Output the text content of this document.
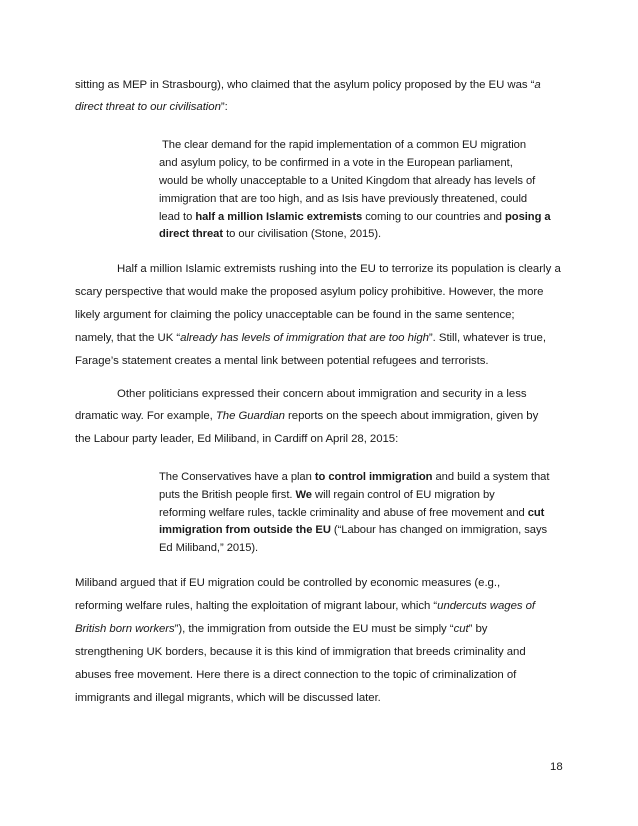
sitting as MEP in Strasbourg), who claimed that the asylum policy proposed by the EU was “a
direct threat to our civilisation”:
The clear demand for the rapid implementation of a common EU migration
and asylum policy, to be confirmed in a vote in the European parliament,
would be wholly unacceptable to a United Kingdom that already has levels of
immigration that are too high, and as Isis have previously threatened, could
lead to half a million Islamic extremists coming to our countries and posing a
direct threat to our civilisation (Stone, 2015).
Half a million Islamic extremists rushing into the EU to terrorize its population is clearly a
scary perspective that would make the proposed asylum policy prohibitive. However, the more
likely argument for claiming the policy unacceptable can be found in the same sentence;
namely, that the UK “already has levels of immigration that are too high”. Still, whatever is true,
Farage’s statement creates a mental link between potential refugees and terrorists.
Other politicians expressed their concern about immigration and security in a less
dramatic way. For example, The Guardian reports on the speech about immigration, given by
the Labour party leader, Ed Miliband, in Cardiff on April 28, 2015:
The Conservatives have a plan to control immigration and build a system that
puts the British people first. We will regain control of EU migration by
reforming welfare rules, tackle criminality and abuse of free movement and cut
immigration from outside the EU (“Labour has changed on immigration, says
Ed Miliband,” 2015).
Miliband argued that if EU migration could be controlled by economic measures (e.g.,
reforming welfare rules, halting the exploitation of migrant labour, which “undercuts wages of
British born workers”), the immigration from outside the EU must be simply “cut” by
strengthening UK borders, because it is this kind of immigration that breeds criminality and
abuses free movement. Here there is a direct connection to the topic of criminalization of
immigrants and illegal migrants, which will be discussed later.
18
